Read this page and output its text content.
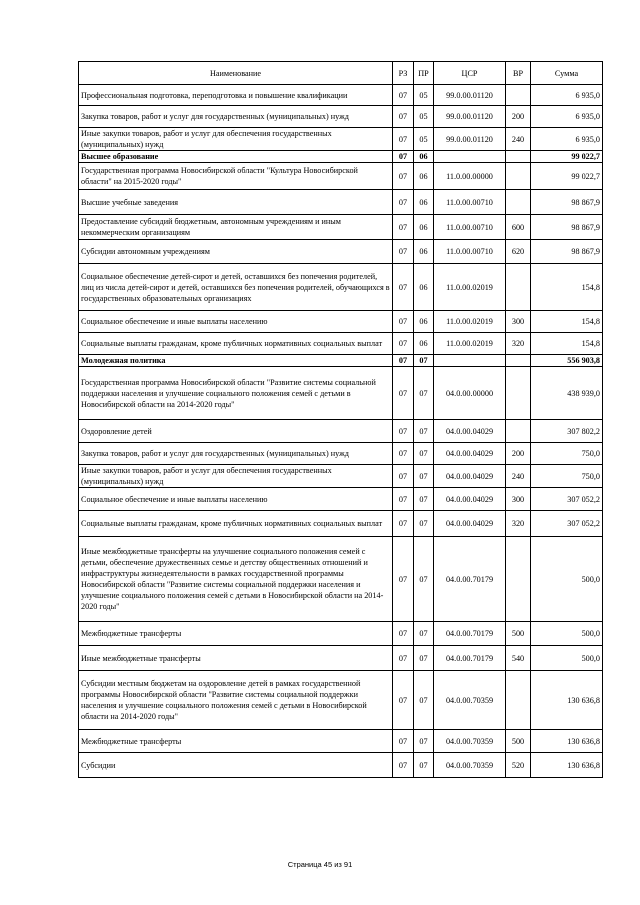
Наименование	РЗ	ПР	ЦСР	ВР	Сумма
Профессиональная подготовка, переподготовка и повышение квалификации	07	05	99.0.00.01120		6 935,0
Закупка товаров, работ и услуг для государственных (муниципальных) нужд	07	05	99.0.00.01120	200	6 935,0
Иные закупки товаров, работ и услуг для обеспечения государственных (муниципальных) нужд	07	05	99.0.00.01120	240	6 935,0
Высшее образование	07	06			99 022,7
Государственная программа Новосибирской области "Культура Новосибирской области" на 2015-2020 годы"	07	06	11.0.00.00000		99 022,7
Высшие учебные заведения	07	06	11.0.00.00710		98 867,9
Предоставление субсидий бюджетным, автономным учреждениям и иным некоммерческим организациям	07	06	11.0.00.00710	600	98 867,9
Субсидии автономным учреждениям	07	06	11.0.00.00710	620	98 867,9
Социальное обеспечение детей-сирот и детей, оставшихся без попечения родителей, лиц из числа детей-сирот и детей, оставшихся без попечения родителей, обучающихся в государственных образовательных организациях	07	06	11.0.00.02019		154,8
Социальное обеспечение и иные выплаты населению	07	06	11.0.00.02019	300	154,8
Социальные выплаты гражданам, кроме публичных нормативных социальных выплат	07	06	11.0.00.02019	320	154,8
Молодежная политика	07	07			556 903,8
Государственная программа Новосибирской области "Развитие системы социальной поддержки населения и улучшение социального положения семей с детьми в Новосибирской области на 2014-2020 годы"	07	07	04.0.00.00000		438 939,0
Оздоровление детей	07	07	04.0.00.04029		307 802,2
Закупка товаров, работ и услуг для государственных (муниципальных) нужд	07	07	04.0.00.04029	200	750,0
Иные закупки товаров, работ и услуг для обеспечения государственных (муниципальных) нужд	07	07	04.0.00.04029	240	750,0
Социальное обеспечение и иные выплаты населению	07	07	04.0.00.04029	300	307 052,2
Социальные выплаты гражданам, кроме публичных нормативных социальных выплат	07	07	04.0.00.04029	320	307 052,2
Иные межбюджетные трансферты на улучшение социального положения семей с детьми, обеспечение дружественных семье и детству общественных отношений и инфраструктуры жизнедеятельности в рамках государственной программы Новосибирской области "Развитие системы социальной поддержки населения и улучшение социального положения семей с детьми в Новосибирской области на 2014-2020 годы"	07	07	04.0.00.70179		500,0
Межбюджетные трансферты	07	07	04.0.00.70179	500	500,0
Иные межбюджетные трансферты	07	07	04.0.00.70179	540	500,0
Субсидии местным бюджетам на оздоровление детей в рамках государственной программы Новосибирской области "Развитие системы социальной поддержки населения и улучшение социального положения семей с детьми в Новосибирской области на 2014-2020 годы"	07	07	04.0.00.70359		130 636,8
Межбюджетные трансферты	07	07	04.0.00.70359	500	130 636,8
Субсидии	07	07	04.0.00.70359	520	130 636,8
Страница 45 из 91
